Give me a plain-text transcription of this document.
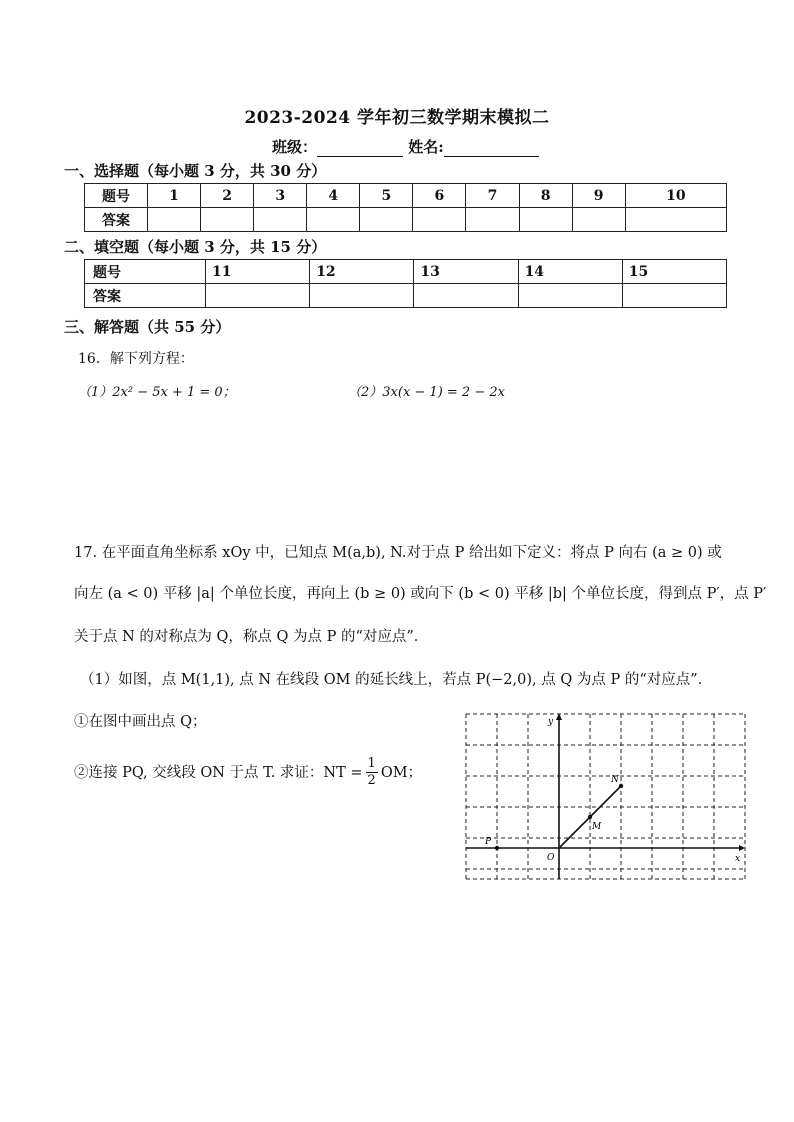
2023-2024 学年初三数学期末模拟二
班级：	姓名:
一、选择题（每小题 3 分，共 30 分）
题号	1	2	3	4	5	6	7	8	9	10
答案										
二、填空题（每小题 3 分，共 15 分）
题号	11	12	13	14	15
答案					
三、解答题（共 55 分）
16．解下列方程：
（1）2x² − 5x + 1 = 0；	（2）3x(x − 1) = 2 − 2x
17. 在平面直角坐标系 xOy 中，已知点 M(a,b), N.对于点 P 给出如下定义：将点 P 向右 (a ≥ 0) 或
向左 (a < 0) 平移 |a| 个单位长度，再向上 (b ≥ 0) 或向下 (b < 0) 平移 |b| 个单位长度，得到点 P′，点 P′
关于点 N 的对称点为 Q，称点 Q 为点 P 的“对应点”．
（1）如图，点 M(1,1), 点 N 在线段 OM 的延长线上，若点 P(−2,0), 点 Q 为点 P 的“对应点”．
①在图中画出点 Q；
②连接 PQ, 交线段 ON 于点 T. 求证：NT = $\frac{1}{2}$ OM；
x
y
O
P
M
N
